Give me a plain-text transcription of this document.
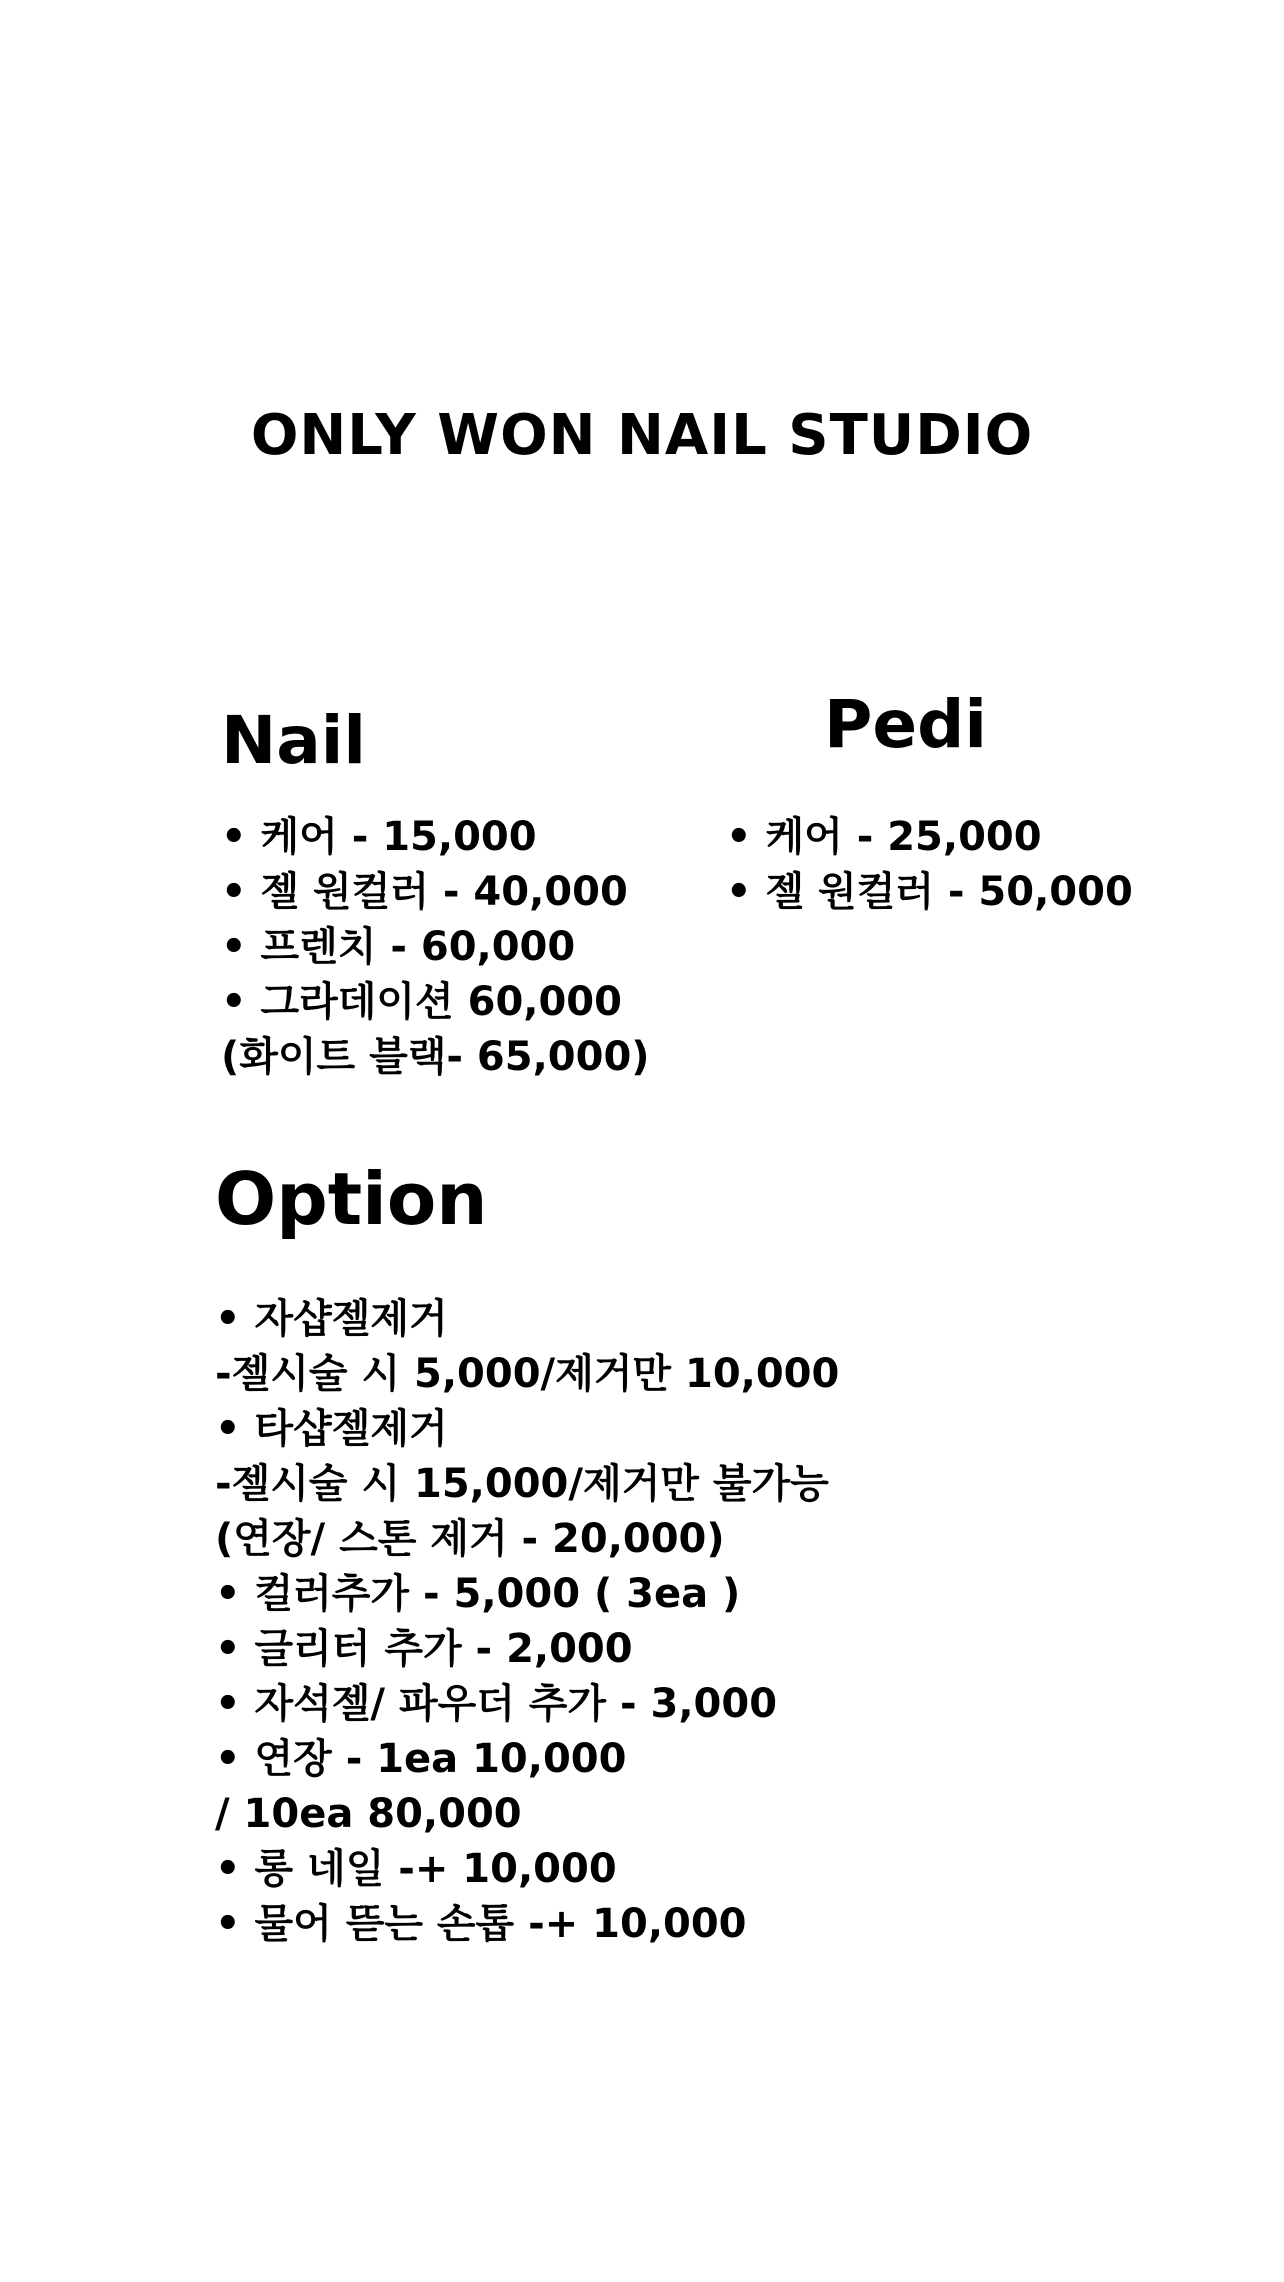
ONLY WON NAIL STUDIO
Nail
• 케어 - 15,000
• 젤 원컬러 - 40,000
• 프렌치 - 60,000
• 그라데이션 60,000
(화이트 블랙- 65,000)
Pedi
• 케어 - 25,000
• 젤 원컬러 - 50,000
Option
• 자샵젤제거
-젤시술 시 5,000/제거만 10,000
• 타샵젤제거
-젤시술 시 15,000/제거만 불가능
(연장/ 스톤 제거 - 20,000)
• 컬러추가 - 5,000 ( 3ea )
• 글리터 추가 - 2,000
• 자석젤/ 파우더 추가 - 3,000
• 연장 - 1ea 10,000
/ 10ea 80,000
• 롱 네일 -+ 10,000
• 물어 뜯는 손톱 -+ 10,000
